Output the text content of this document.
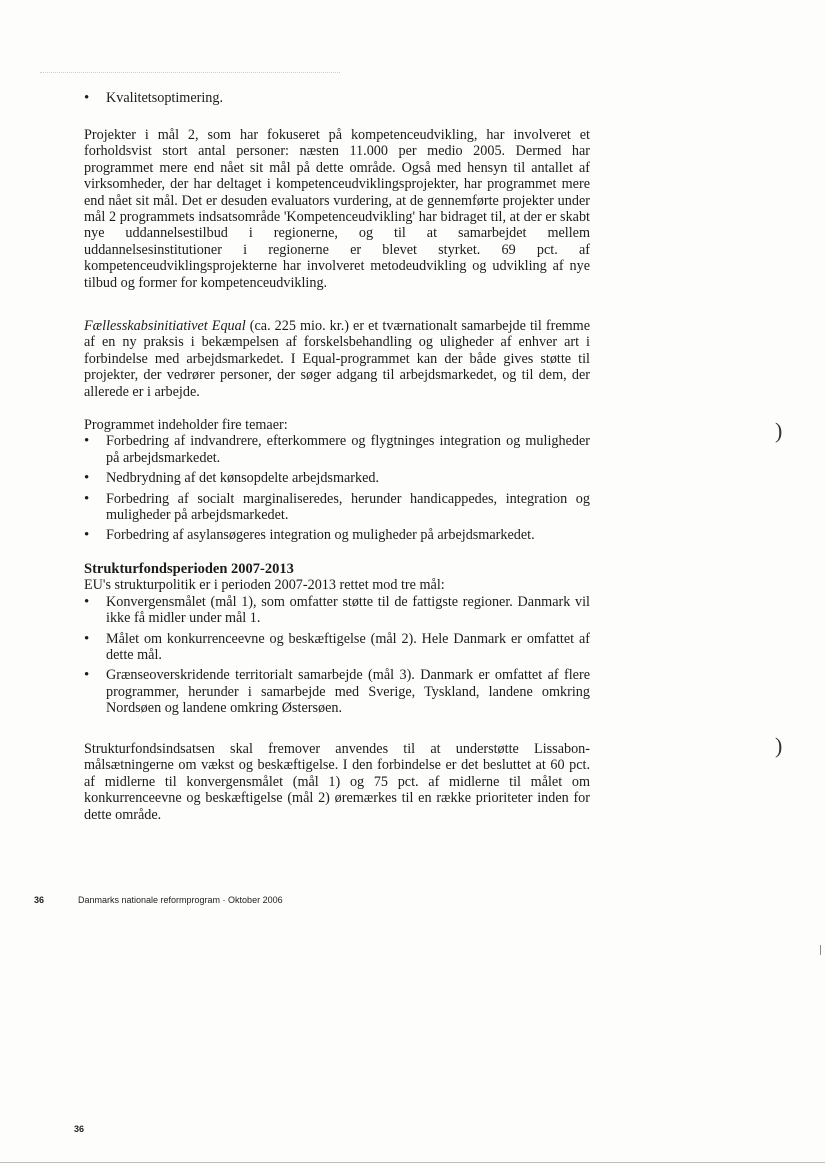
• Kvalitetsoptimering.

Projekter i mål 2, som har fokuseret på kompetenceudvikling, har involveret et forholdsvist stort antal personer: næsten 11.000 per medio 2005. Dermed har programmet mere end nået sit mål på dette område. Også med hensyn til antallet af virksomheder, der har deltaget i kompetenceudviklingsprojekter, har programmet mere end nået sit mål. Det er desuden evaluators vurdering, at de gennemførte projekter under mål 2 programmets indsatsområde 'Kompetenceudvikling' har bidraget til, at der er skabt nye uddannelsestilbud i regionerne, og til at samarbejdet mellem uddannelsesinstitutioner i regionerne er blevet styrket. 69 pct. af kompetenceudviklingsprojekterne har involveret metodeudvikling og udvikling af nye tilbud og former for kompetenceudvikling.

Fællesskabsinitiativet Equal (ca. 225 mio. kr.) er et tværnationalt samarbejde til fremme af en ny praksis i bekæmpelsen af forskelsbehandling og uligheder af enhver art i forbindelse med arbejdsmarkedet. I Equal-programmet kan der både gives støtte til projekter, der vedrører personer, der søger adgang til arbejdsmarkedet, og til dem, der allerede er i arbejde.

Programmet indeholder fire temaer:

• Forbedring af indvandrere, efterkommere og flygtninges integration og muligheder på arbejdsmarkedet.
• Nedbrydning af det kønsopdelte arbejdsmarked.
• Forbedring af socialt marginaliseredes, herunder handicappedes, integration og muligheder på arbejdsmarkedet.
• Forbedring af asylansøgeres integration og muligheder på arbejdsmarkedet.

Strukturfondsperioden 2007-2013

EU's strukturpolitik er i perioden 2007-2013 rettet mod tre mål:

• Konvergensmålet (mål 1), som omfatter støtte til de fattigste regioner. Danmark vil ikke få midler under mål 1.
• Målet om konkurrenceevne og beskæftigelse (mål 2). Hele Danmark er omfattet af dette mål.
• Grænseoverskridende territorialt samarbejde (mål 3). Danmark er omfattet af flere programmer, herunder i samarbejde med Sverige, Tyskland, landene omkring Nordsøen og landene omkring Østersøen.

Strukturfondsindsatsen skal fremover anvendes til at understøtte Lissabon-målsætningerne om vækst og beskæftigelse. I den forbindelse er det besluttet at 60 pct. af midlerne til konvergensmålet (mål 1) og 75 pct. af midlerne til målet om konkurrenceevne og beskæftigelse (mål 2) øremærkes til en række prioriteter inden for dette område.

)
)
36	Danmarks nationale reformprogram · Oktober 2006
36
